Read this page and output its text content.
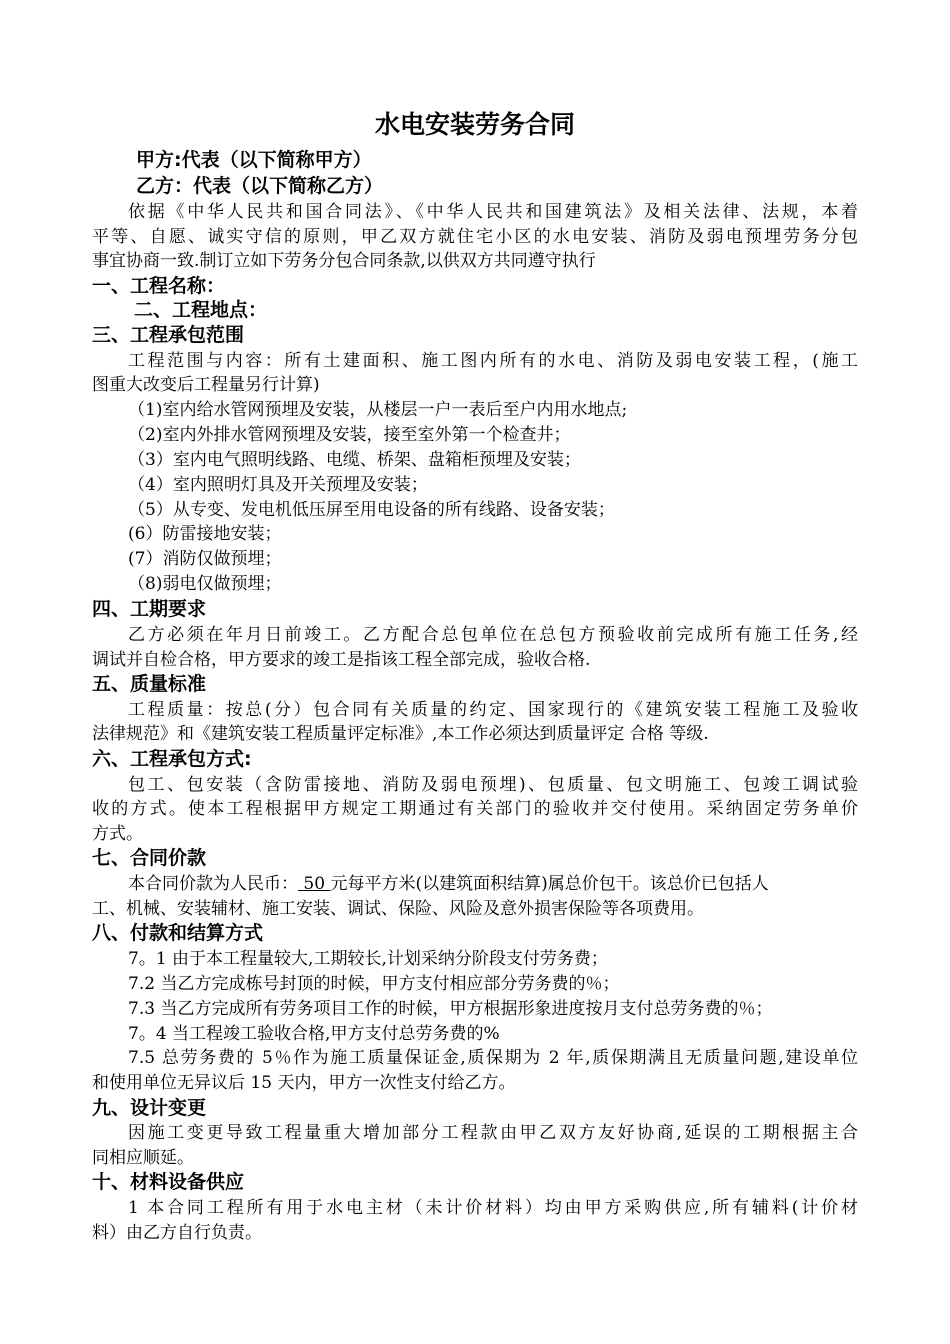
水电安装劳务合同
甲方:代表（以下简称甲方）
乙方：代表（以下简称乙方）
依据《中华人民共和国合同法》、《中华人民共和国建筑法》及相关法律、法规，本着
平等、自愿、诚实守信的原则，甲乙双方就住宅小区的水电安装、消防及弱电预埋劳务分包
事宜协商一致.制订立如下劳务分包合同条款,以供双方共同遵守执行
一、工程名称：
二、工程地点：
三、工程承包范围
工程范围与内容：所有土建面积、施工图内所有的水电、消防及弱电安装工程，(施工
图重大改变后工程量另行计算)
（1)室内给水管网预埋及安装，从楼层一户一表后至户内用水地点;
（2)室内外排水管网预埋及安装，接至室外第一个检查井；
（3）室内电气照明线路、电缆、桥架、盘箱柜预埋及安装；
（4）室内照明灯具及开关预埋及安装；
（5）从专变、发电机低压屏至用电设备的所有线路、设备安装；
(6）防雷接地安装；
(7）消防仅做预埋；
（8)弱电仅做预埋；
四、工期要求
乙方必须在年月日前竣工。乙方配合总包单位在总包方预验收前完成所有施工任务,经
调试并自检合格，甲方要求的竣工是指该工程全部完成，验收合格.
五、质量标准
工程质量：按总(分）包合同有关质量的约定、国家现行的《建筑安装工程施工及验收
法律规范》和《建筑安装工程质量评定标准》,本工作必须达到质量评定 合格 等级.
六、工程承包方式:
包工、包安装（含防雷接地、消防及弱电预埋)、包质量、包文明施工、包竣工调试验
收的方式。使本工程根据甲方规定工期通过有关部门的验收并交付使用。采纳固定劳务单价
方式。
七、合同价款
本合同价款为人民币： 50 元每平方米(以建筑面积结算)属总价包干。该总价已包括人
工、机械、安装辅材、施工安装、调试、保险、风险及意外损害保险等各项费用。
八、付款和结算方式
7。1 由于本工程量较大,工期较长,计划采纳分阶段支付劳务费；
7.2 当乙方完成栋号封顶的时候，甲方支付相应部分劳务费的％；
7.3 当乙方完成所有劳务项目工作的时候，甲方根据形象进度按月支付总劳务费的％；
7。4 当工程竣工验收合格,甲方支付总劳务费的%
7.5 总劳务费的 5％作为施工质量保证金,质保期为 2 年,质保期满且无质量问题,建设单位
和使用单位无异议后 15 天内，甲方一次性支付给乙方。
九、设计变更
因施工变更导致工程量重大增加部分工程款由甲乙双方友好协商,延误的工期根据主合
同相应顺延。
十、材料设备供应
1 本合同工程所有用于水电主材（未计价材料）均由甲方采购供应,所有辅料(计价材
料）由乙方自行负责。
